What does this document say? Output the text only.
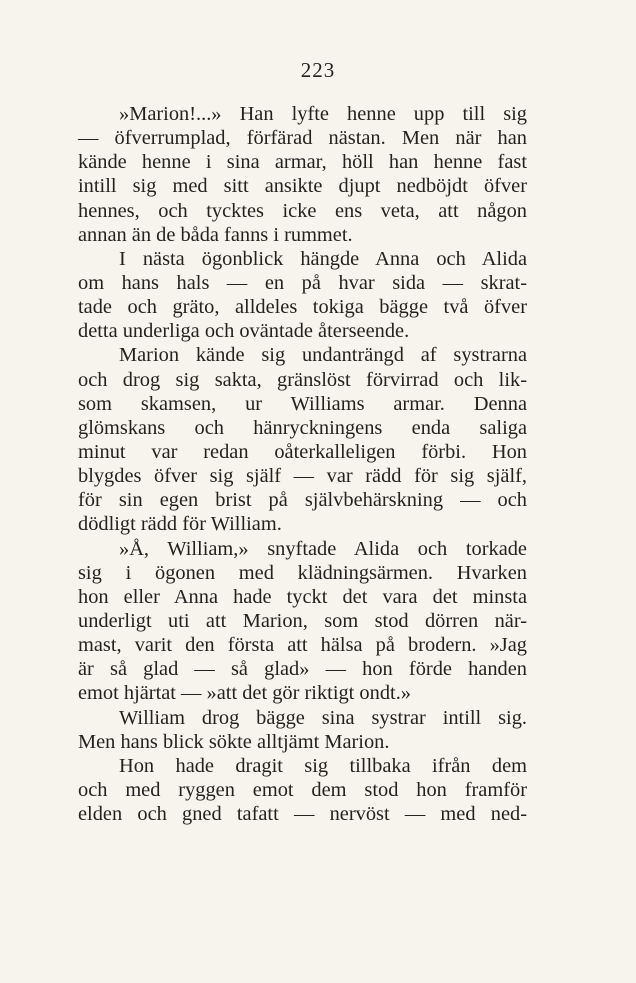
223
»Marion!...» Han lyfte henne upp till sig
— öfverrumplad, förfärad nästan. Men när han
kände henne i sina armar, höll han henne fast
intill sig med sitt ansikte djupt nedböjdt öfver
hennes, och tycktes icke ens veta, att någon
annan än de båda fanns i rummet.
I nästa ögonblick hängde Anna och Alida
om hans hals — en på hvar sida — skrat-
tade och gräto, alldeles tokiga bägge två öfver
detta underliga och oväntade återseende.
Marion kände sig undanträngd af systrarna
och drog sig sakta, gränslöst förvirrad och lik-
som skamsen, ur Williams armar. Denna
glömskans och hänryckningens enda saliga
minut var redan oåterkalleligen förbi. Hon
blygdes öfver sig själf — var rädd för sig själf,
för sin egen brist på självbehärskning — och
dödligt rädd för William.
»Å, William,» snyftade Alida och torkade
sig i ögonen med klädningsärmen. Hvarken
hon eller Anna hade tyckt det vara det minsta
underligt uti att Marion, som stod dörren när-
mast, varit den första att hälsa på brodern. »Jag
är så glad — så glad» — hon förde handen
emot hjärtat — »att det gör riktigt ondt.»
William drog bägge sina systrar intill sig.
Men hans blick sökte alltjämt Marion.
Hon hade dragit sig tillbaka ifrån dem
och med ryggen emot dem stod hon framför
elden och gned tafatt — nervöst — med ned-
